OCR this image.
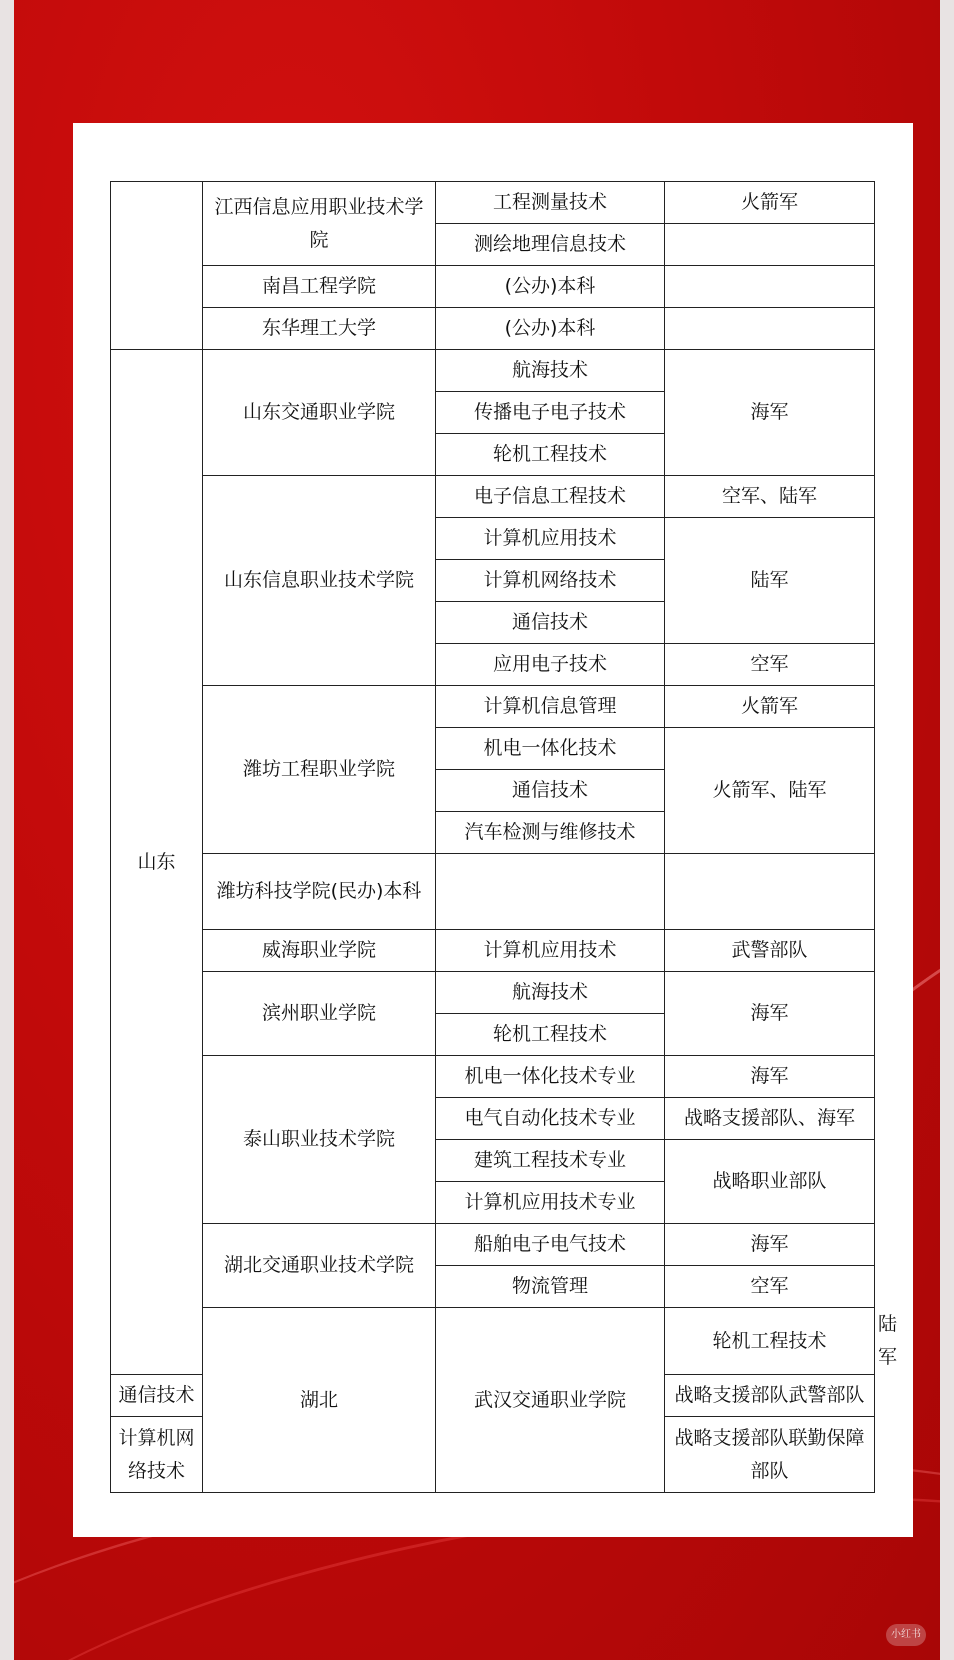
	江西信息应用职业技术学院	工程测量技术	火箭军	
		测绘地理信息技术		
	南昌工程学院	(公办)本科		
	东华理工大学	(公办)本科		
山东	山东交通职业学院	航海技术	海军	
		传播电子电子技术		
		轮机工程技术		
	山东信息职业技术学院	电子信息工程技术	空军、陆军	
		计算机应用技术	陆军	
		计算机网络技术		
		通信技术		
		应用电子技术	空军	
	潍坊工程职业学院	计算机信息管理	火箭军	
		机电一体化技术	火箭军、陆军	
		通信技术		
		汽车检测与维修技术		
	潍坊科技学院(民办)本科			
	威海职业学院	计算机应用技术	武警部队	
	滨州职业学院	航海技术	海军	
		轮机工程技术		
	泰山职业技术学院	机电一体化技术专业	海军	
		电气自动化技术专业	战略支援部队、海军	
		建筑工程技术专业	战略职业部队	
		计算机应用技术专业		
	湖北交通职业技术学院	船舶电子电气技术	海军	
		物流管理	空军	
	湖北	武汉交通职业学院	轮机工程技术	陆军
通信技术			战略支援部队武警部队	
计算机网络技术			战略支援部队联勤保障部队	
小红书
